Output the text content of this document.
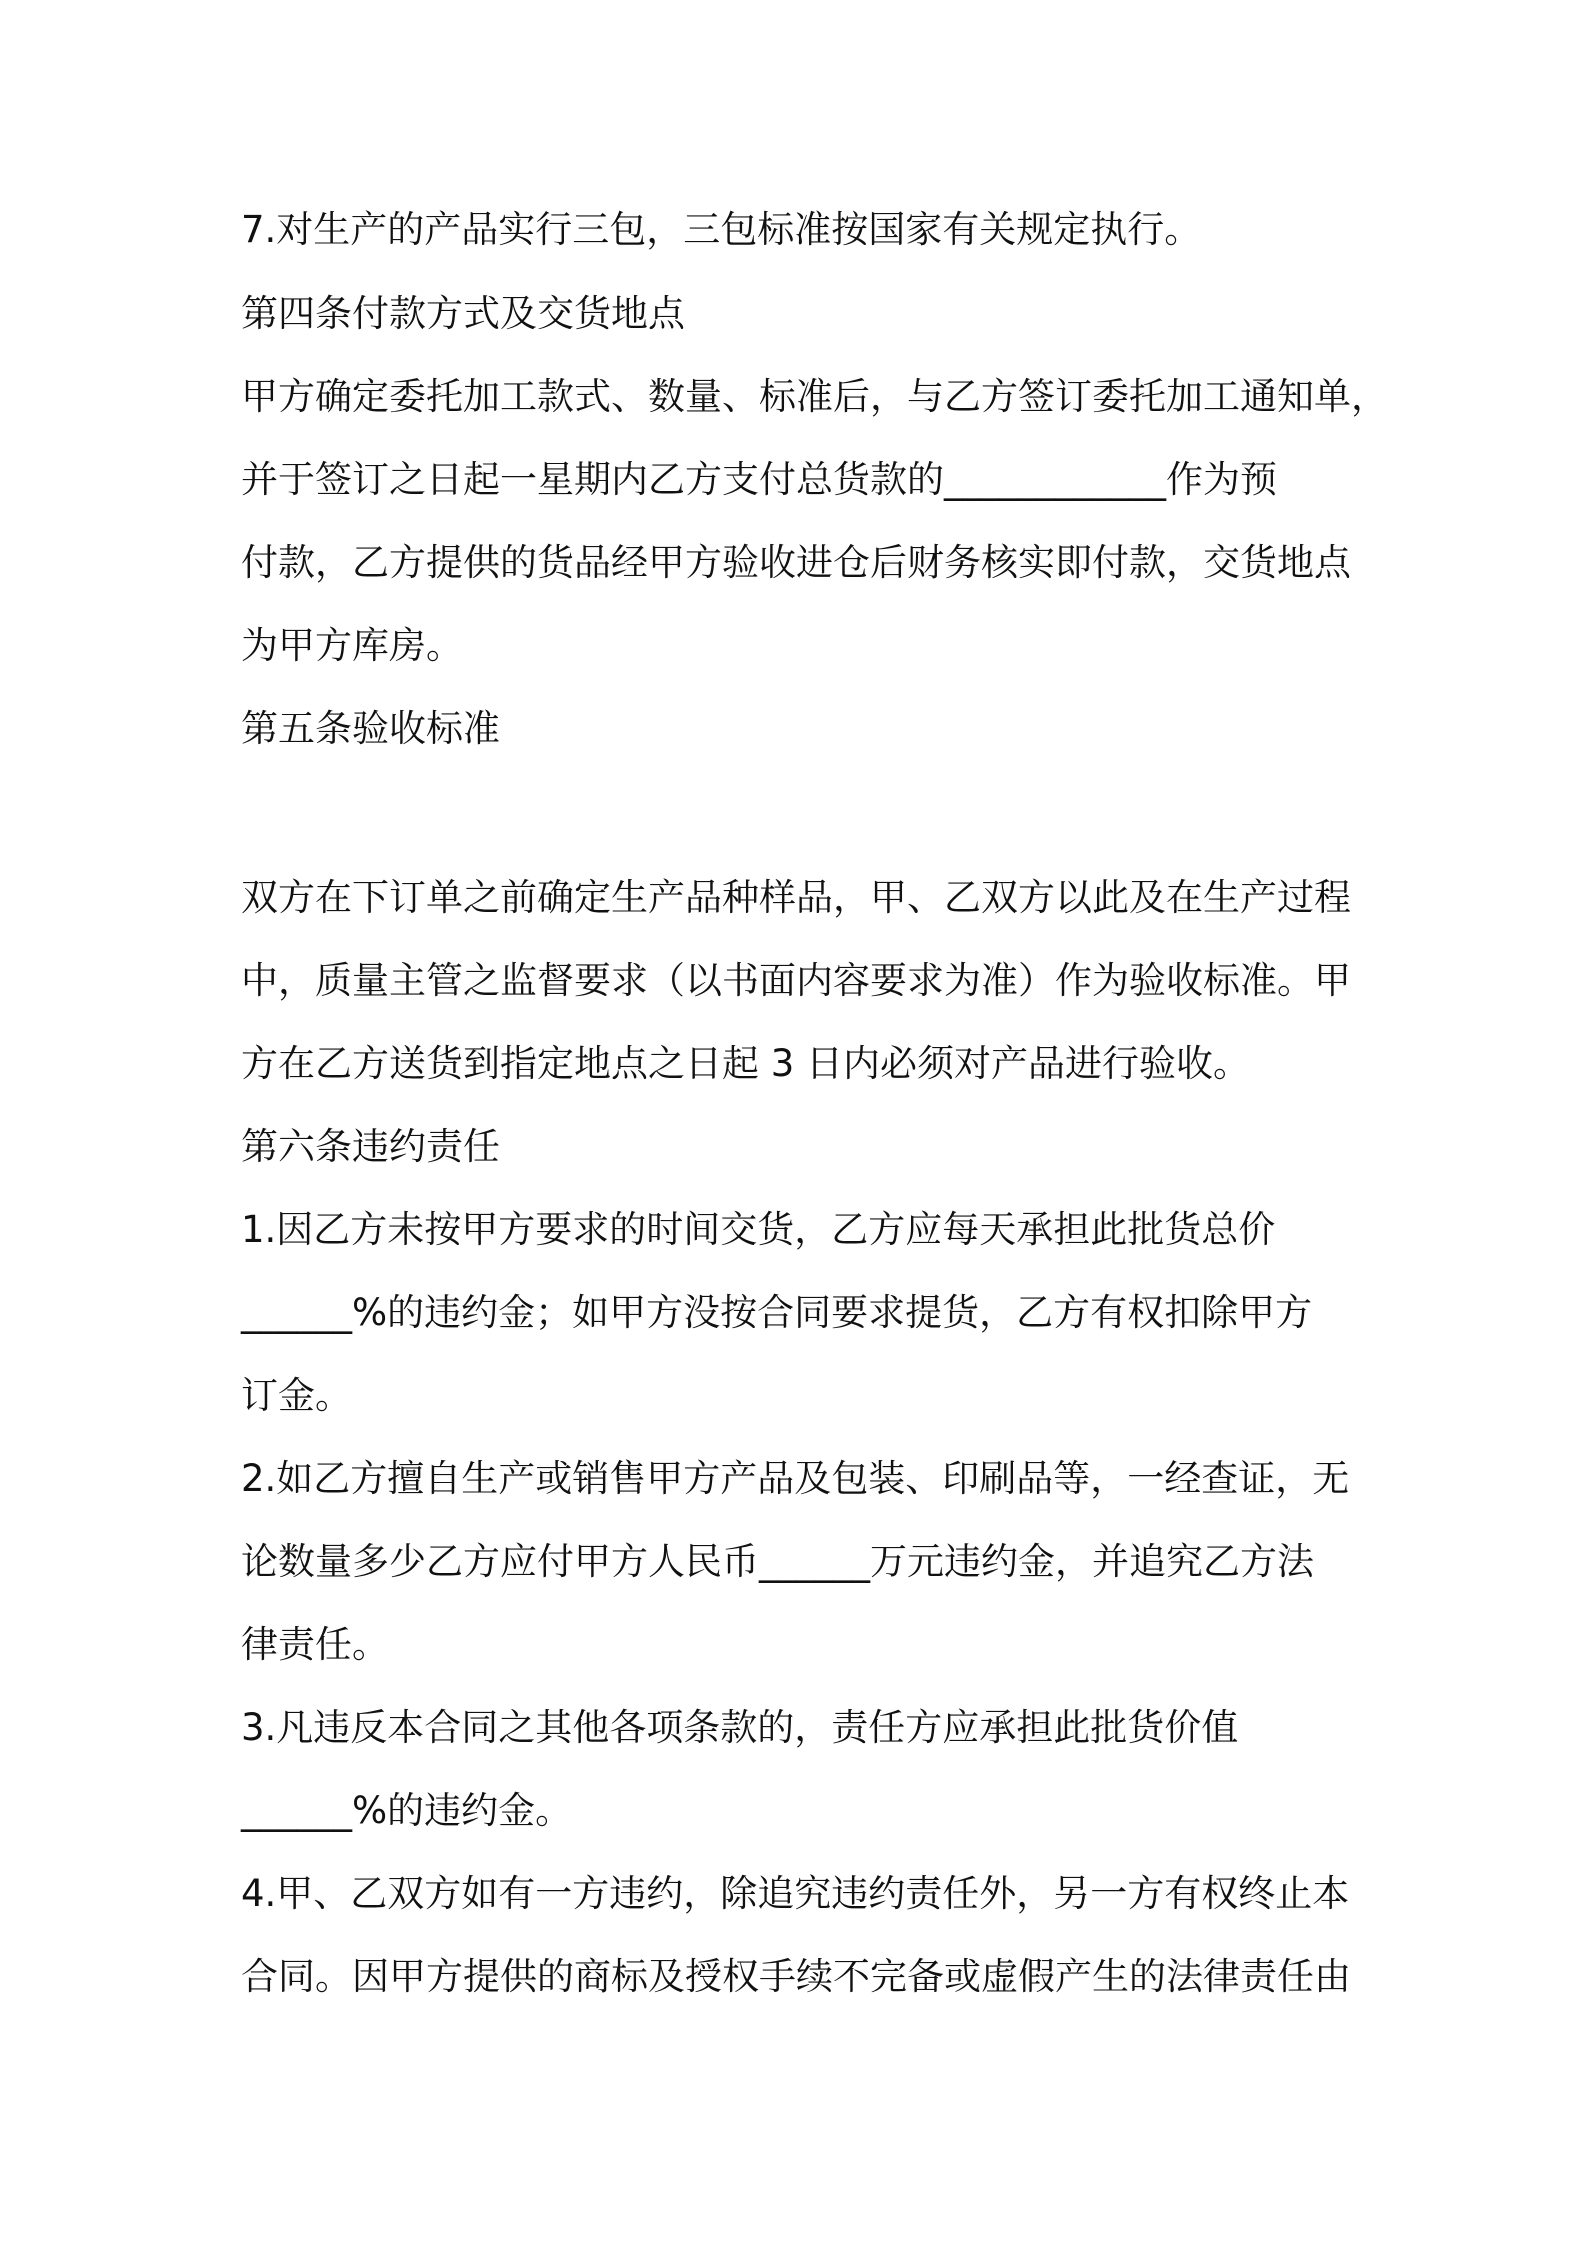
7.对生产的产品实行三包，三包标准按国家有关规定执行。
第四条付款方式及交货地点
甲方确定委托加工款式、数量、标准后，与乙方签订委托加工通知单，
并于签订之日起一星期内乙方支付总货款的____________作为预
付款，乙方提供的货品经甲方验收进仓后财务核实即付款，交货地点
为甲方库房。
第五条验收标准
双方在下订单之前确定生产品种样品，甲、乙双方以此及在生产过程
中，质量主管之监督要求（以书面内容要求为准）作为验收标准。甲
方在乙方送货到指定地点之日起 3 日内必须对产品进行验收。
第六条违约责任
1.因乙方未按甲方要求的时间交货，乙方应每天承担此批货总价
______%的违约金；如甲方没按合同要求提货，乙方有权扣除甲方
订金。
2.如乙方擅自生产或销售甲方产品及包装、印刷品等，一经查证，无
论数量多少乙方应付甲方人民币______万元违约金，并追究乙方法
律责任。
3.凡违反本合同之其他各项条款的，责任方应承担此批货价值
______%的违约金。
4.甲、乙双方如有一方违约，除追究违约责任外，另一方有权终止本
合同。因甲方提供的商标及授权手续不完备或虚假产生的法律责任由
